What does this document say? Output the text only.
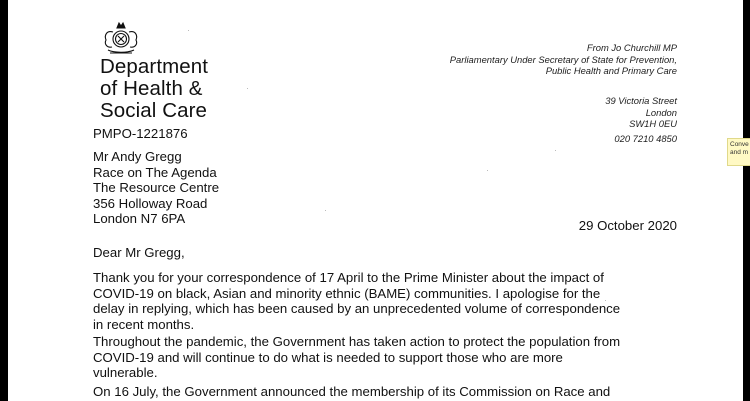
Department
of Health &
Social Care
From Jo Churchill MP
Parliamentary Under Secretary of State for Prevention,
Public Health and Primary Care
39 Victoria Street
London
SW1H 0EU
020 7210 4850
PMPO-1221876
Mr Andy Gregg
Race on The Agenda
The Resource Centre
356 Holloway Road
London N7 6PA	29 October 2020
Dear Mr Gregg,
Thank you for your correspondence of 17 April to the Prime Minister about the impact of
COVID-19 on black, Asian and minority ethnic (BAME) communities. I apologise for the
delay in replying, which has been caused by an unprecedented volume of correspondence
in recent months.
Throughout the pandemic, the Government has taken action to protect the population from
COVID-19 and will continue to do what is needed to support those who are more
vulnerable.
On 16 July, the Government announced the membership of its Commission on Race and
Conve
and m
